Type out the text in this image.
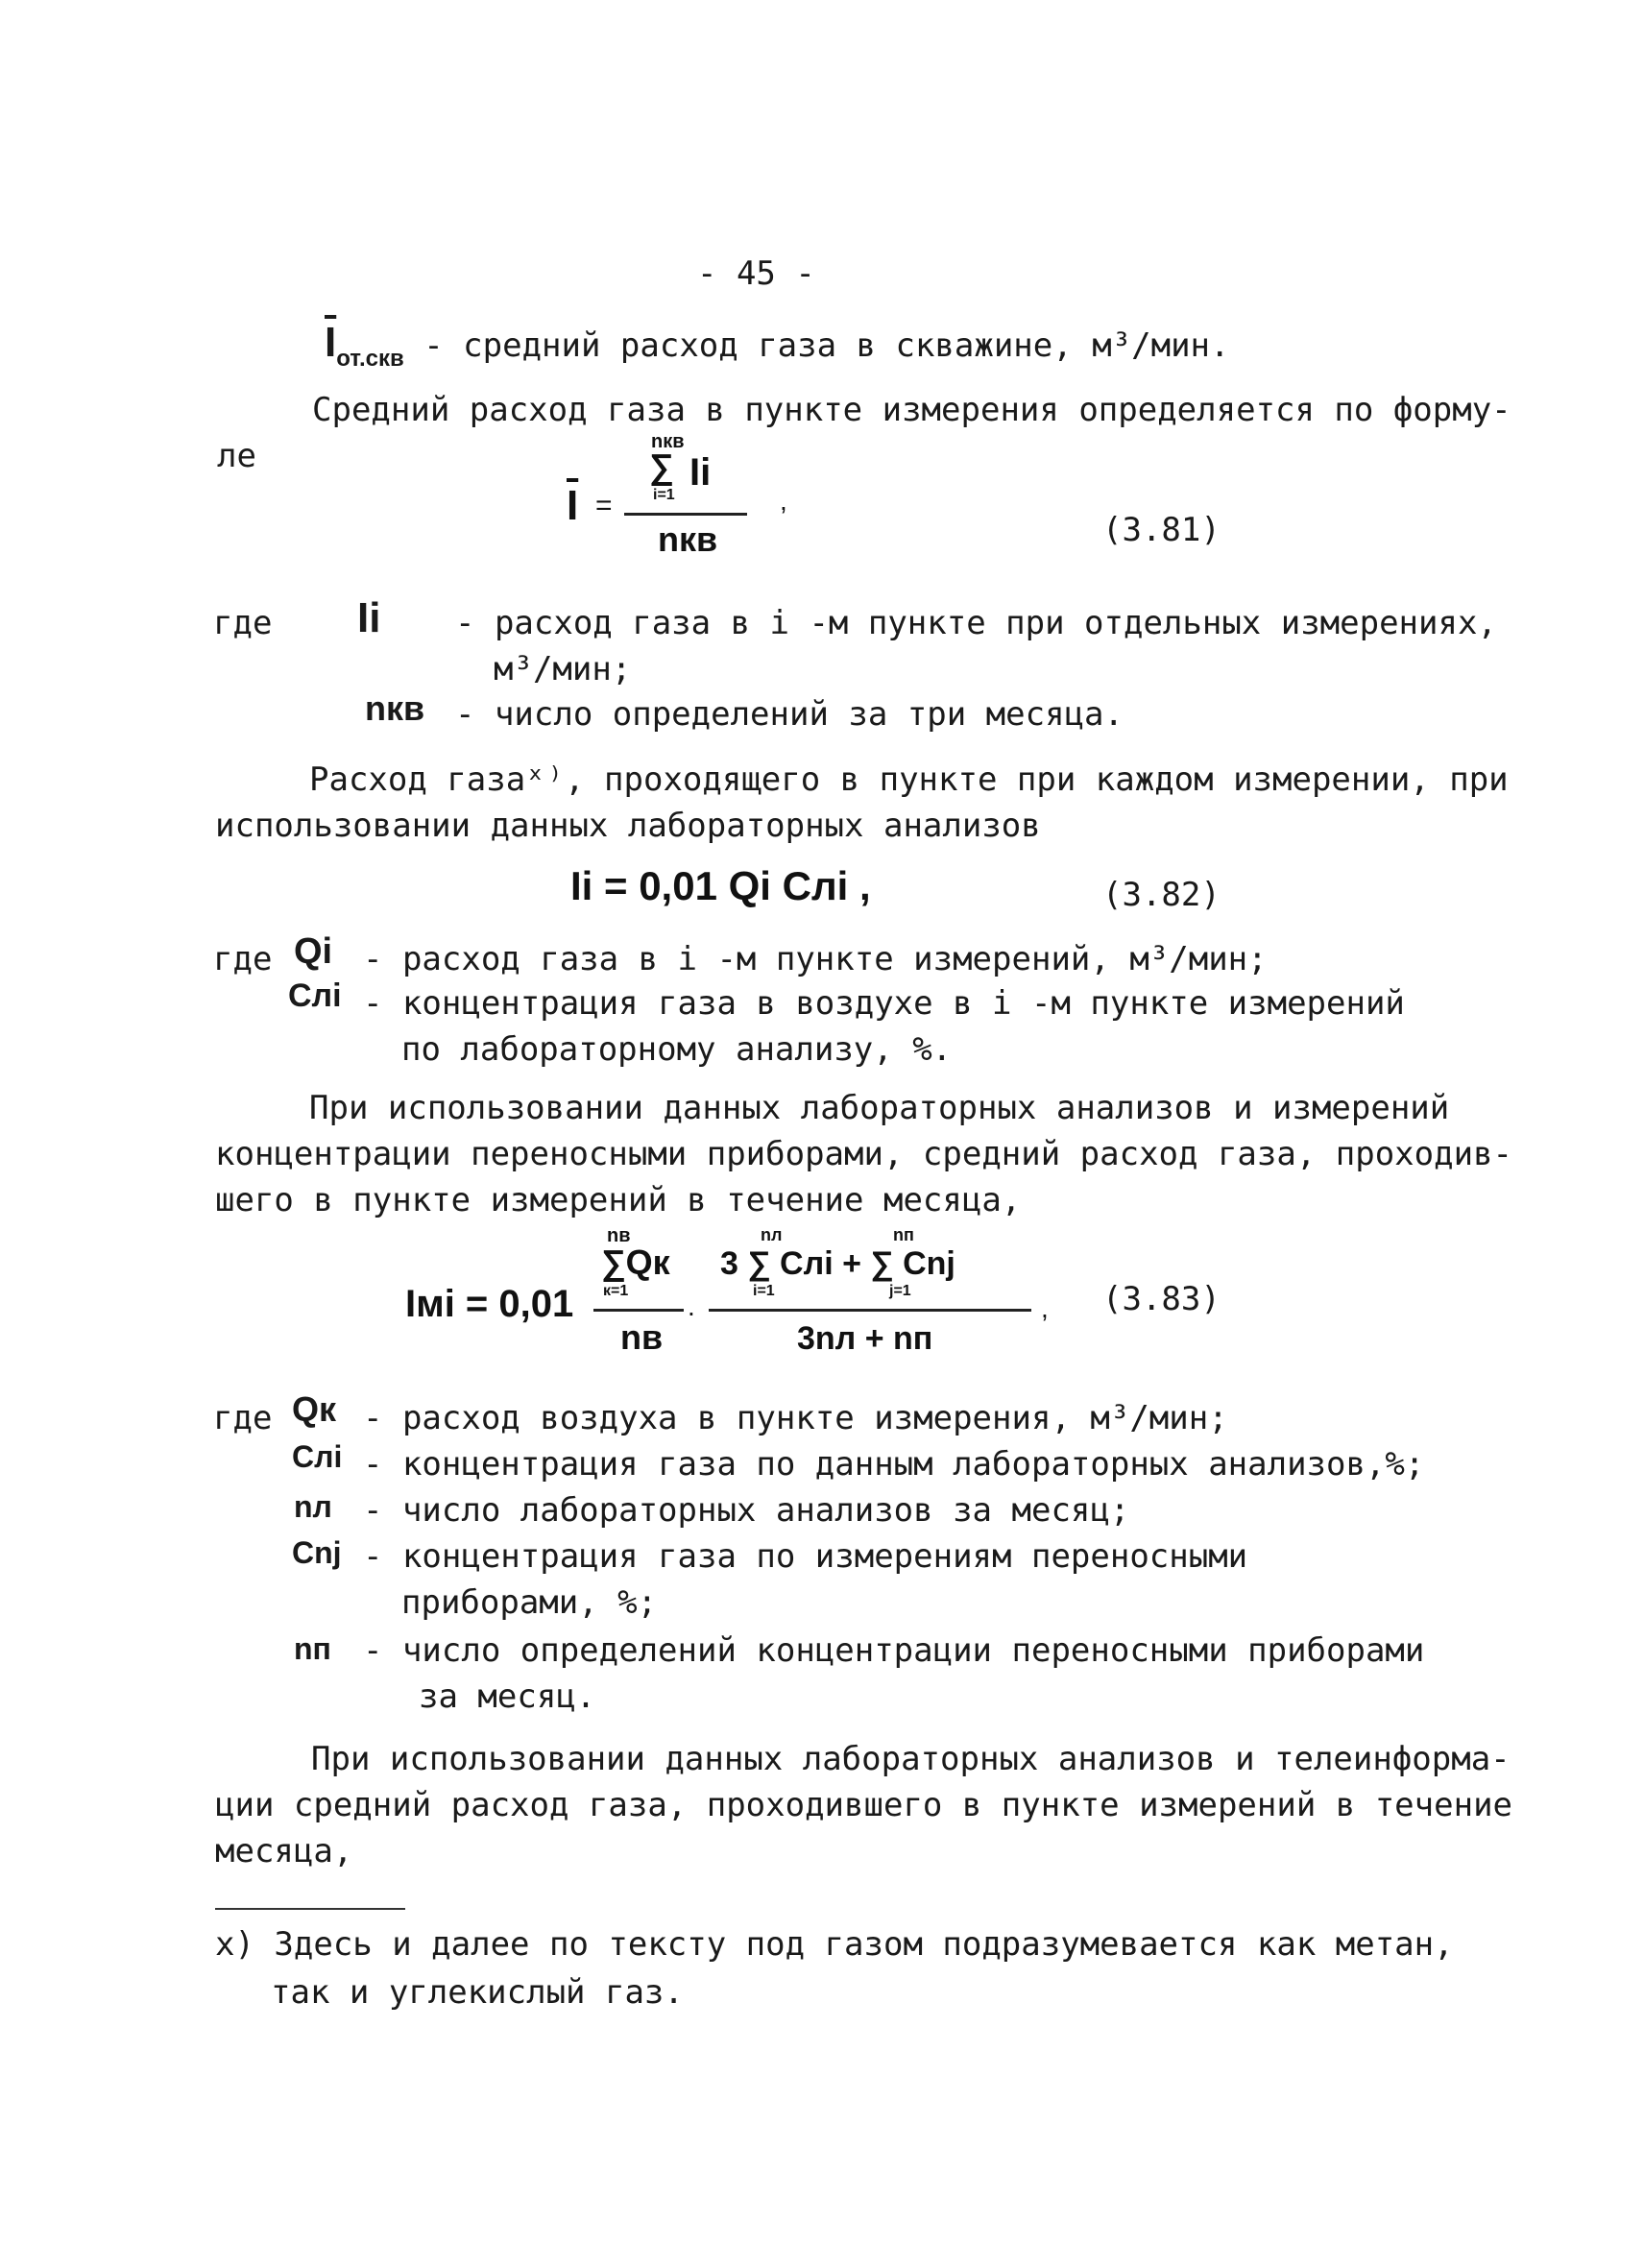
- 45 -
$\overline{I}_{от.скв}$ - средний расход газа в скважине, м³/мин.
Средний расход газа в пункте измерения определяется по форму-
ле
$\overline{I}$ =
nкв
∑
i=1
Ii
nкв
,
(3.81)
где Ii - расход газа в i -м пункте при отдельных измерениях,
м³/мин;
nкв - число определений за три месяца.
Расход газаˣ⁾, проходящего в пункте при каждом измерении, при
использовании данных лабораторных анализов
Ii = 0,01 Qi Cлi ,	(3.82)
где Qi - расход газа в i -м пункте измерений, м³/мин;
Cлi - концентрация газа в воздухе в i -м пункте измерений
по лабораторному анализу, %.
При использовании данных лабораторных анализов и измерений
концентрации переносными приборами, средний расход газа, проходив-
шего в пункте измерений в течение месяца,
Iмi = 0,01
nв
∑Qк
к=1
nв
.
nл	nп
3 ∑ Cлi + ∑ Cnj
i=1	j=1
3nл + nп
, (3.83)
где Qк - расход воздуха в пункте измерения, м³/мин;
Cлi - концентрация газа по данным лабораторных анализов,%;
nл - число лабораторных анализов за месяц;
Cnj - концентрация газа по измерениям переносными
приборами, %;
nп - число определений концентрации переносными приборами
за месяц.
При использовании данных лабораторных анализов и телеинформа-
ции средний расход газа, проходившего в пункте измерений в течение
месяца,
x) Здесь и далее по тексту под газом подразумевается как метан,
так и углекислый газ.
